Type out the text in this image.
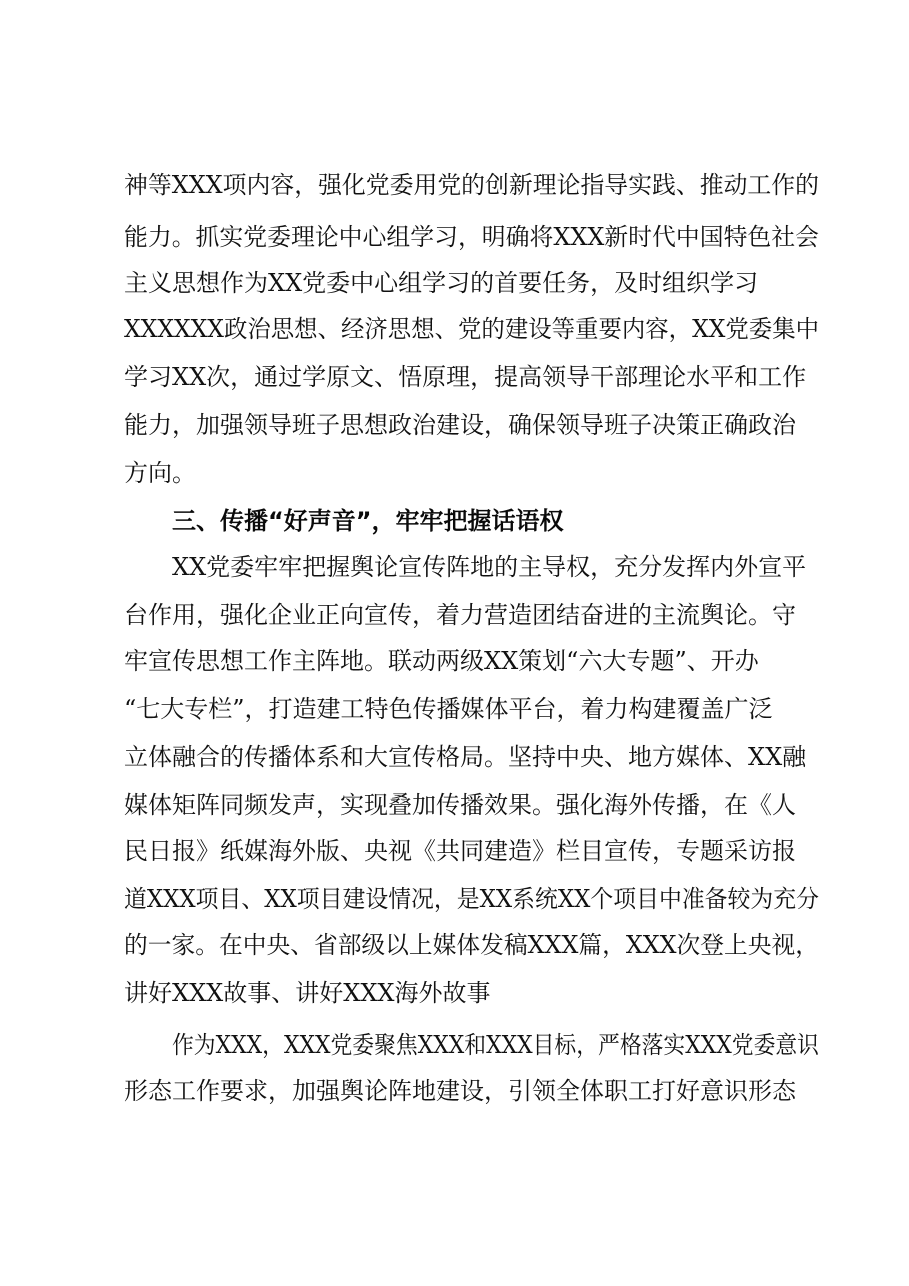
神等XXX项内容，强化党委用党的创新理论指导实践、推动工作的

能力。抓实党委理论中心组学习，明确将XXX新时代中国特色社会

主义思想作为XX党委中心组学习的首要任务，及时组织学习

XXXXXX政治思想、经济思想、党的建设等重要内容，XX党委集中

学习XX次，通过学原文、悟原理，提高领导干部理论水平和工作

能力，加强领导班子思想政治建设，确保领导班子决策正确政治

方向。

三、传播“好声音”，牢牢把握话语权

XX党委牢牢把握舆论宣传阵地的主导权，充分发挥内外宣平

台作用，强化企业正向宣传，着力营造团结奋进的主流舆论。守

牢宣传思想工作主阵地。联动两级XX策划“六大专题”、开办

“七大专栏”，打造建工特色传播媒体平台，着力构建覆盖广泛

立体融合的传播体系和大宣传格局。坚持中央、地方媒体、XX融

媒体矩阵同频发声，实现叠加传播效果。强化海外传播，在《人

民日报》纸媒海外版、央视《共同建造》栏目宣传，专题采访报

道XXX项目、XX项目建设情况，是XX系统XX个项目中准备较为充分

的一家。在中央、省部级以上媒体发稿XXX篇，XXX次登上央视，

讲好XXX故事、讲好XXX海外故事

作为XXX，XXX党委聚焦XXX和XXX目标，严格落实XXX党委意识

形态工作要求，加强舆论阵地建设，引领全体职工打好意识形态
